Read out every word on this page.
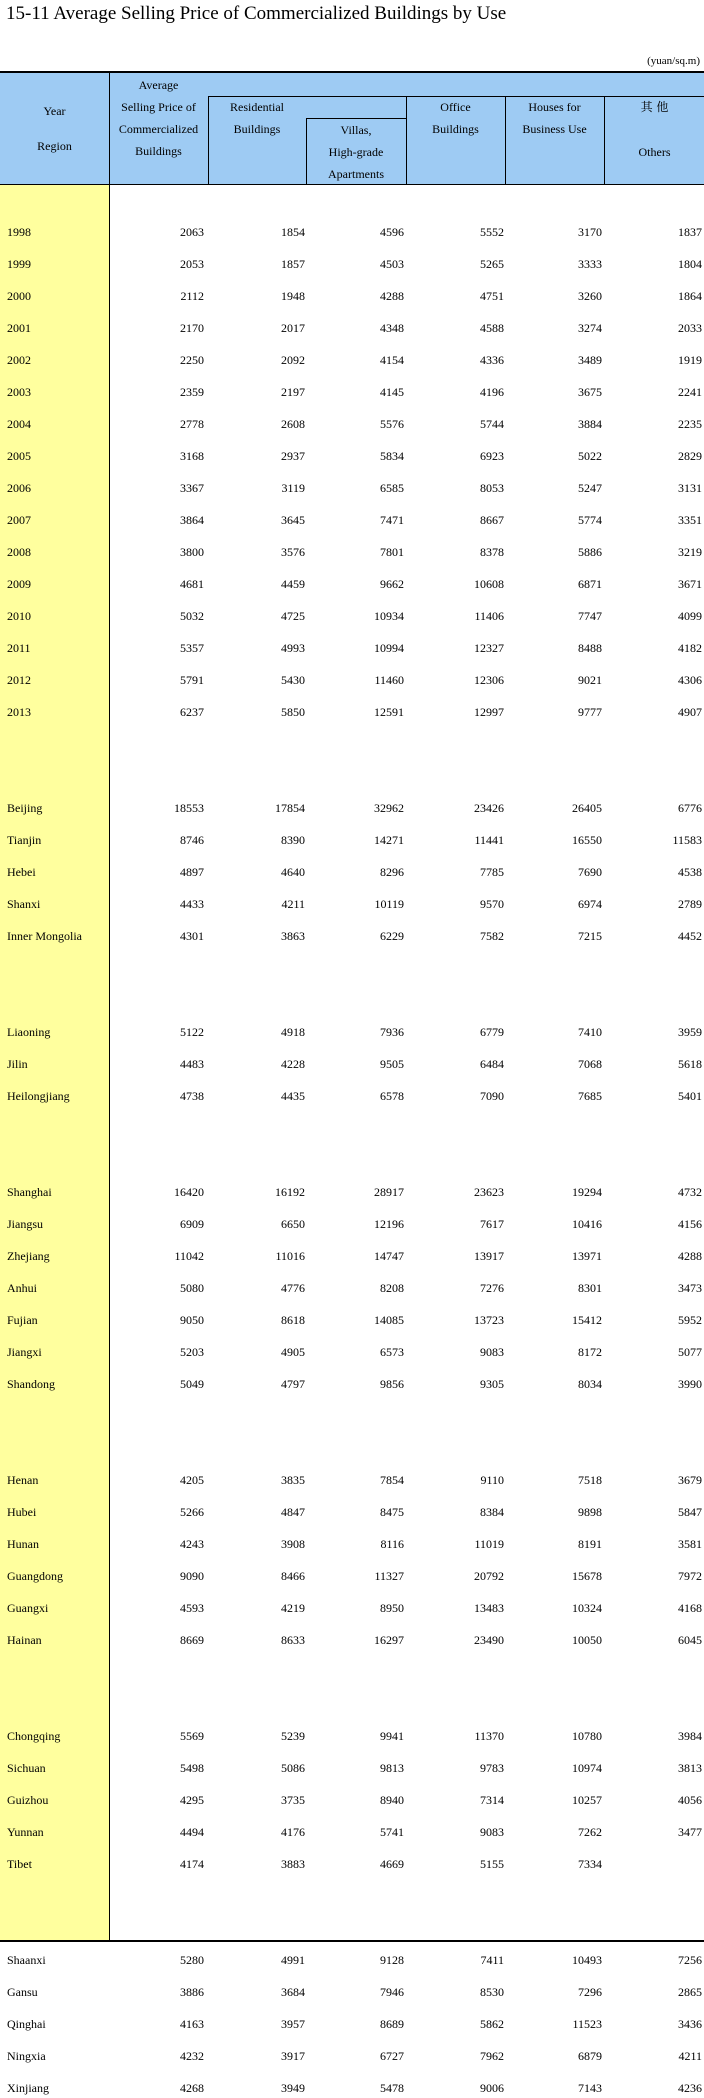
15-11 Average Selling Price of Commercialized Buildings by Use
(yuan/sq.m)
Year
Region
Average
Selling Price of
Commercialized
Buildings
Residential
Buildings	Villas,
High-grade
Apartments
Office
Buildings
Houses for
Business Use
其 他
Others
1998	2063	1854	4596	5552	3170	1837
1999	2053	1857	4503	5265	3333	1804
2000	2112	1948	4288	4751	3260	1864
2001	2170	2017	4348	4588	3274	2033
2002	2250	2092	4154	4336	3489	1919
2003	2359	2197	4145	4196	3675	2241
2004	2778	2608	5576	5744	3884	2235
2005	3168	2937	5834	6923	5022	2829
2006	3367	3119	6585	8053	5247	3131
2007	3864	3645	7471	8667	5774	3351
2008	3800	3576	7801	8378	5886	3219
2009	4681	4459	9662	10608	6871	3671
2010	5032	4725	10934	11406	7747	4099
2011	5357	4993	10994	12327	8488	4182
2012	5791	5430	11460	12306	9021	4306
2013	6237	5850	12591	12997	9777	4907
Beijing	18553	17854	32962	23426	26405	6776
Tianjin	8746	8390	14271	11441	16550	11583
Hebei	4897	4640	8296	7785	7690	4538
Shanxi	4433	4211	10119	9570	6974	2789
Inner Mongolia	4301	3863	6229	7582	7215	4452
Liaoning	5122	4918	7936	6779	7410	3959
Jilin	4483	4228	9505	6484	7068	5618
Heilongjiang	4738	4435	6578	7090	7685	5401
Shanghai	16420	16192	28917	23623	19294	4732
Jiangsu	6909	6650	12196	7617	10416	4156
Zhejiang	11042	11016	14747	13917	13971	4288
Anhui	5080	4776	8208	7276	8301	3473
Fujian	9050	8618	14085	13723	15412	5952
Jiangxi	5203	4905	6573	9083	8172	5077
Shandong	5049	4797	9856	9305	8034	3990
Henan	4205	3835	7854	9110	7518	3679
Hubei	5266	4847	8475	8384	9898	5847
Hunan	4243	3908	8116	11019	8191	3581
Guangdong	9090	8466	11327	20792	15678	7972
Guangxi	4593	4219	8950	13483	10324	4168
Hainan	8669	8633	16297	23490	10050	6045
Chongqing	5569	5239	9941	11370	10780	3984
Sichuan	5498	5086	9813	9783	10974	3813
Guizhou	4295	3735	8940	7314	10257	4056
Yunnan	4494	4176	5741	9083	7262	3477
Tibet	4174	3883	4669	5155	7334
Shaanxi	5280	4991	9128	7411	10493	7256
Gansu	3886	3684	7946	8530	7296	2865
Qinghai	4163	3957	8689	5862	11523	3436
Ningxia	4232	3917	6727	7962	6879	4211
Xinjiang	4268	3949	5478	9006	7143	4236
